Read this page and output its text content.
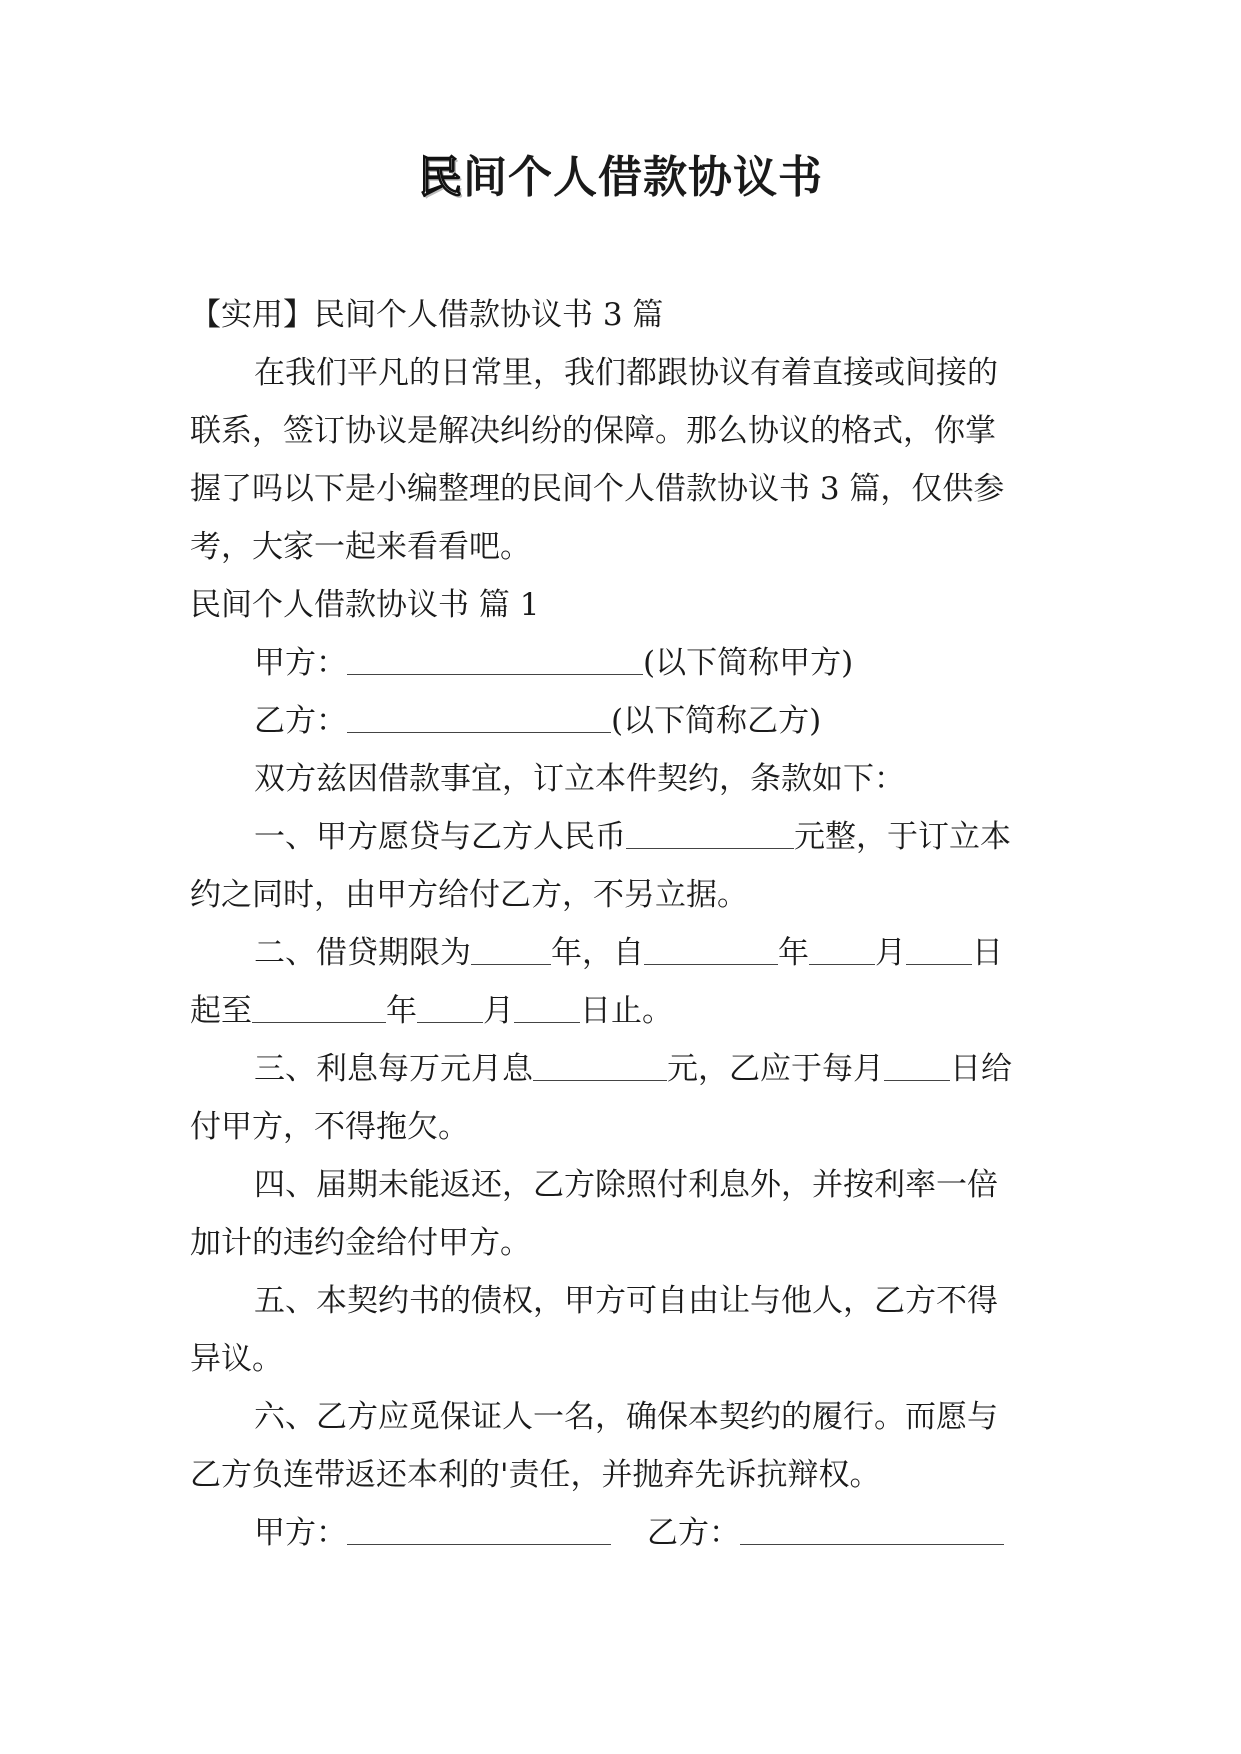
民间个人借款协议书
【实用】民间个人借款协议书 3 篇
在我们平凡的日常里，我们都跟协议有着直接或间接的
联系，签订协议是解决纠纷的保障。那么协议的格式，你掌
握了吗以下是小编整理的民间个人借款协议书 3 篇，仅供参
考，大家一起来看看吧。
民间个人借款协议书 篇 1
甲方：	(以下简称甲方)
乙方：	(以下简称乙方)
双方兹因借款事宜，订立本件契约，条款如下：
一、甲方愿贷与乙方人民币	元整，于订立本
约之同时，由甲方给付乙方，不另立据。
二、借贷期限为	年，自	年 月 日
起至	年 月 日止。
三、利息每万元月息	元，乙应于每月 日给
付甲方，不得拖欠。
四、届期未能返还，乙方除照付利息外，并按利率一倍
加计的违约金给付甲方。
五、本契约书的债权，甲方可自由让与他人，乙方不得
异议。
六、乙方应觅保证人一名，确保本契约的履行。而愿与
乙方负连带返还本利的'责任，并抛弃先诉抗辩权。
甲方：	乙方：
